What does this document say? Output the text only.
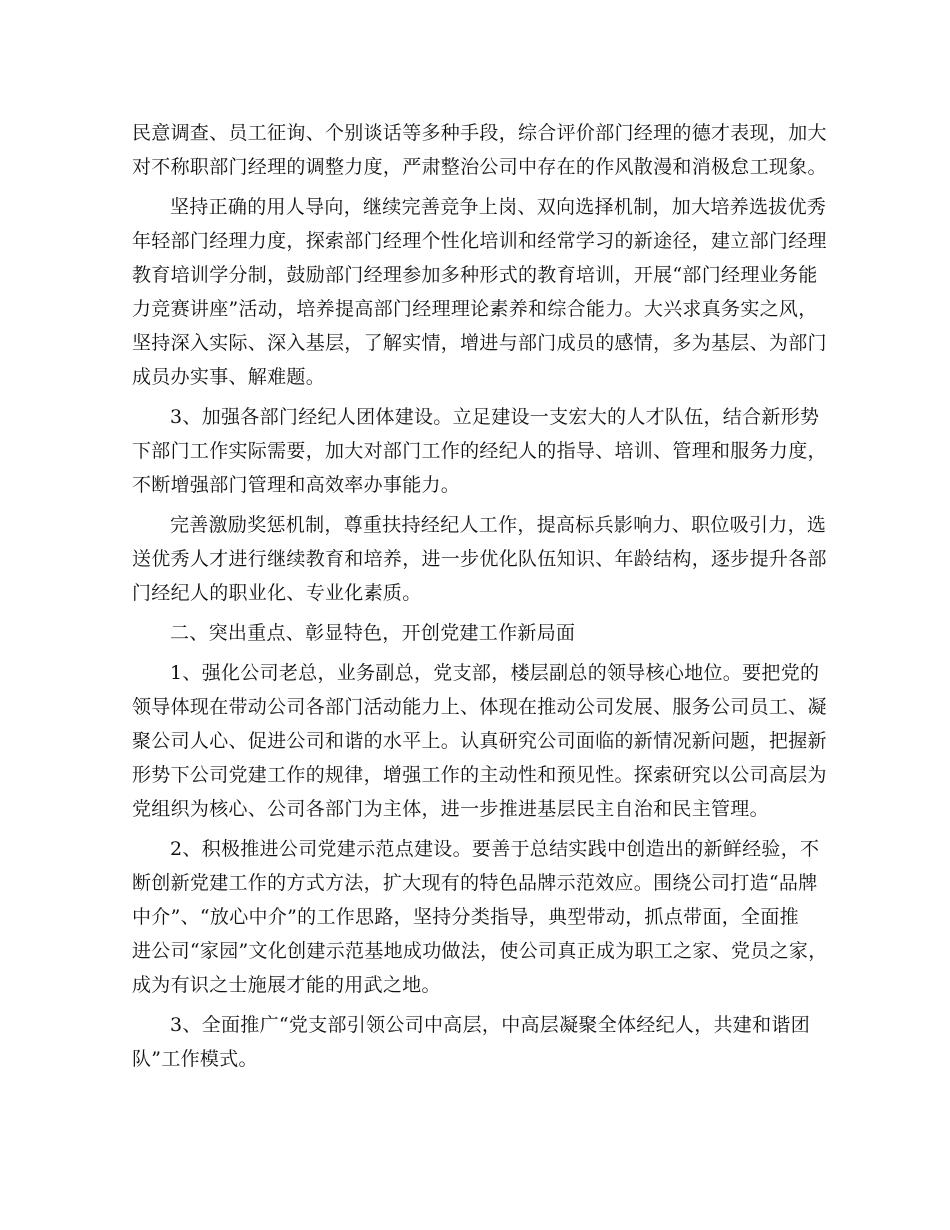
民意调查、员工征询、个别谈话等多种手段，综合评价部门经理的德才表现，加大
对不称职部门经理的调整力度，严肃整治公司中存在的作风散漫和消极怠工现象。
坚持正确的用人导向，继续完善竞争上岗、双向选择机制，加大培养选拔优秀
年轻部门经理力度，探索部门经理个性化培训和经常学习的新途径，建立部门经理
教育培训学分制，鼓励部门经理参加多种形式的教育培训，开展“部门经理业务能
力竞赛讲座”活动，培养提高部门经理理论素养和综合能力。大兴求真务实之风，
坚持深入实际、深入基层，了解实情，增进与部门成员的感情，多为基层、为部门
成员办实事、解难题。
3、加强各部门经纪人团体建设。立足建设一支宏大的人才队伍，结合新形势
下部门工作实际需要，加大对部门工作的经纪人的指导、培训、管理和服务力度，
不断增强部门管理和高效率办事能力。
完善激励奖惩机制，尊重扶持经纪人工作，提高标兵影响力、职位吸引力，选
送优秀人才进行继续教育和培养，进一步优化队伍知识、年龄结构，逐步提升各部
门经纪人的职业化、专业化素质。
二、突出重点、彰显特色，开创党建工作新局面
1、强化公司老总，业务副总，党支部，楼层副总的领导核心地位。要把党的
领导体现在带动公司各部门活动能力上、体现在推动公司发展、服务公司员工、凝
聚公司人心、促进公司和谐的水平上。认真研究公司面临的新情况新问题，把握新
形势下公司党建工作的规律，增强工作的主动性和预见性。探索研究以公司高层为
党组织为核心、公司各部门为主体，进一步推进基层民主自治和民主管理。
2、积极推进公司党建示范点建设。要善于总结实践中创造出的新鲜经验，不
断创新党建工作的方式方法，扩大现有的特色品牌示范效应。围绕公司打造“品牌
中介”、“放心中介”的工作思路，坚持分类指导，典型带动，抓点带面，全面推
进公司“家园”文化创建示范基地成功做法，使公司真正成为职工之家、党员之家，
成为有识之士施展才能的用武之地。
3、全面推广“党支部引领公司中高层，中高层凝聚全体经纪人，共建和谐团
队”工作模式。
